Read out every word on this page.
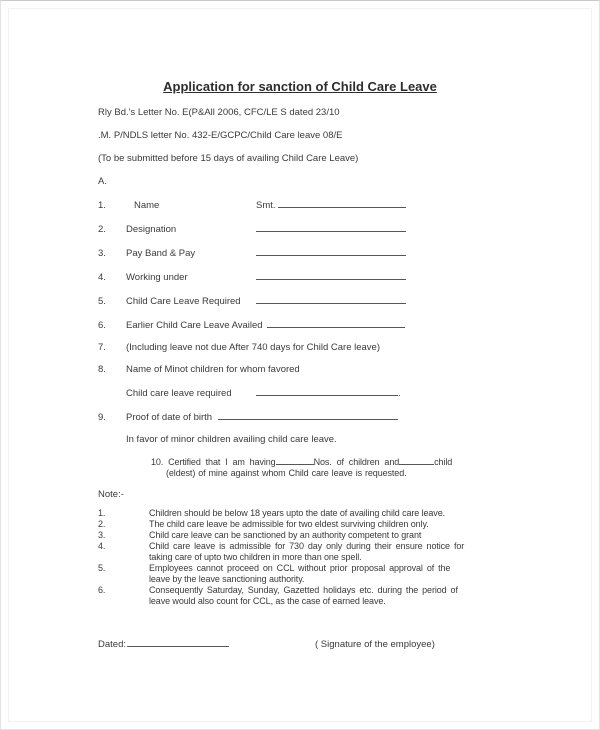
Application for sanction of Child Care Leave
Rly Bd.'s Letter No. E(P&All 2006, CFC/LE S dated 23/10
.M. P/NDLS letter No. 432-E/GCPC/Child Care leave 08/E
(To be submitted before 15 days of availing Child Care Leave)
A.
1.	Name	Smt.
2.	Designation
3.	Pay Band & Pay
4.	Working under
5.	Child Care Leave Required
6.	Earlier Child Care Leave Availed
7.	(Including leave not due After 740 days for Child Care leave)
8.	Name of Minot children for whom favored
Child care leave required	.
9.	Proof of date of birth
In favor of minor children availing child care leave.
10. Certified that I am having	Nos. of children and	child
(eldest) of mine against whom Child care leave is requested.
Note:-
1.	Children should be below 18 years upto the date of availing child care leave.
2.	The child care leave be admissible for two eldest surviving children only.
3.	Child care leave can be sanctioned by an authority competent to grant
4.	Child care leave is admissible for 730 day only during their ensure notice for
taking care of upto two children in more than one spell.
5.	Employees cannot proceed on CCL without prior proposal approval of the
leave by the leave sanctioning authority.
6.	Consequently Saturday, Sunday, Gazetted holidays etc. during the period of
leave would also count for CCL, as the case of earned leave.
Dated:	( Signature of the employee)
